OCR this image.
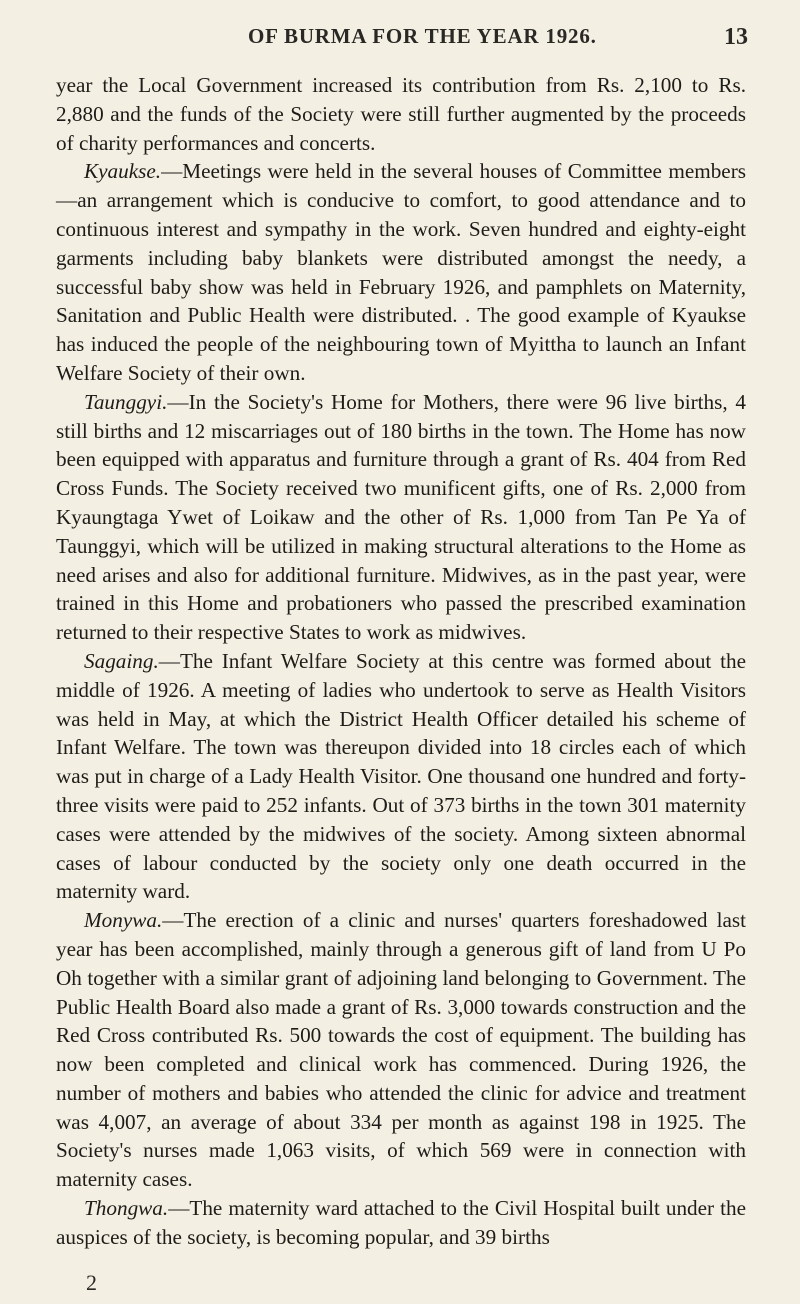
OF BURMA FOR THE YEAR 1926.	13

year the Local Government increased its contribution from Rs. 2,100 to Rs. 2,880 and the funds of the Society were still further augmented by the proceeds of charity performances and concerts.

Kyaukse.—Meetings were held in the several houses of Committee members—an arrangement which is conducive to comfort, to good attendance and to continuous interest and sympathy in the work. Seven hundred and eighty-eight garments including baby blankets were distributed amongst the needy, a successful baby show was held in February 1926, and pamphlets on Maternity, Sanitation and Public Health were distributed. . The good example of Kyaukse has induced the people of the neighbouring town of Myittha to launch an Infant Welfare Society of their own.

Taunggyi.—In the Society's Home for Mothers, there were 96 live births, 4 still births and 12 miscarriages out of 180 births in the town. The Home has now been equipped with apparatus and furniture through a grant of Rs. 404 from Red Cross Funds. The Society received two munificent gifts, one of Rs. 2,000 from Kyaungtaga Ywet of Loikaw and the other of Rs. 1,000 from Tan Pe Ya of Taunggyi, which will be utilized in making structural alterations to the Home as need arises and also for additional furniture. Midwives, as in the past year, were trained in this Home and probationers who passed the prescribed examination returned to their respective States to work as midwives.

Sagaing.—The Infant Welfare Society at this centre was formed about the middle of 1926. A meeting of ladies who undertook to serve as Health Visitors was held in May, at which the District Health Officer detailed his scheme of Infant Welfare. The town was thereupon divided into 18 circles each of which was put in charge of a Lady Health Visitor. One thousand one hundred and forty-three visits were paid to 252 infants. Out of 373 births in the town 301 maternity cases were attended by the midwives of the society. Among sixteen abnormal cases of labour conducted by the society only one death occurred in the maternity ward.

Monywa.—The erection of a clinic and nurses' quarters foreshadowed last year has been accomplished, mainly through a generous gift of land from U Po Oh together with a similar grant of adjoining land belonging to Government. The Public Health Board also made a grant of Rs. 3,000 towards construction and the Red Cross contributed Rs. 500 towards the cost of equipment. The building has now been completed and clinical work has commenced. During 1926, the number of mothers and babies who attended the clinic for advice and treatment was 4,007, an average of about 334 per month as against 198 in 1925. The Society's nurses made 1,063 visits, of which 569 were in connection with maternity cases.

Thongwa.—The maternity ward attached to the Civil Hospital built under the auspices of the society, is becoming popular, and 39 births

2
